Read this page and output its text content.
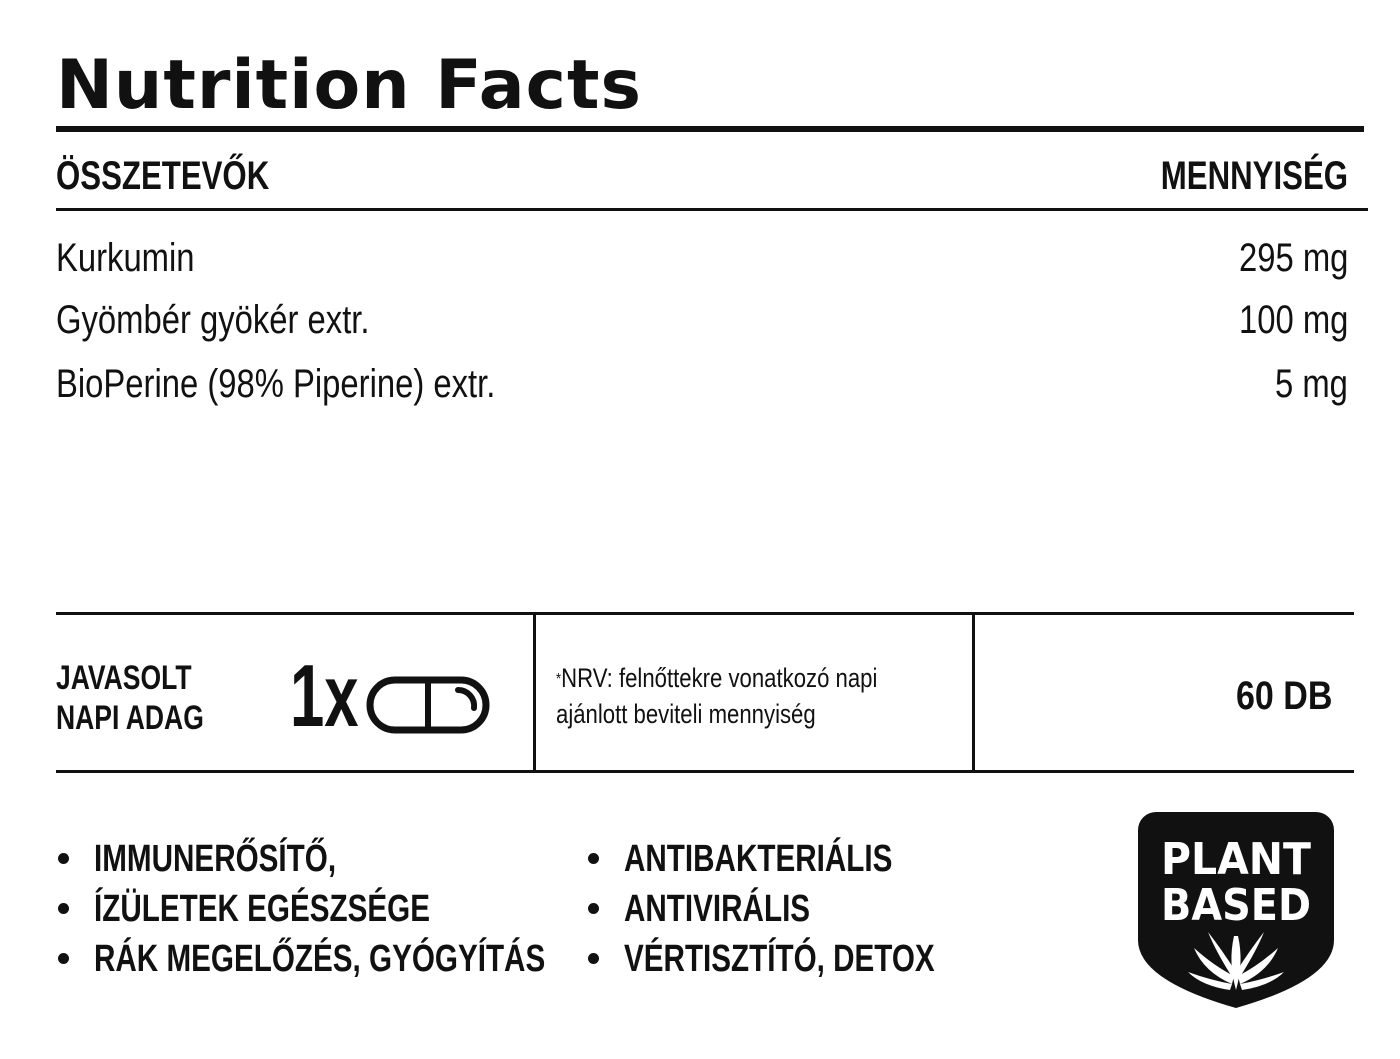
Nutrition Facts
ÖSSZETEVŐK	MENNYISÉG
Kurkumin	295 mg
Gyömbér gyökér extr.	100 mg
BioPerine (98% Piperine) extr.	5 mg
JAVASOLT
NAPI ADAG 1x	*NRV: felnőttekre vonatkozó napi
ajánlott beviteli mennyiség	60 DB
IMMUNERŐSÍTŐ,
ÍZÜLETEK EGÉSZSÉGE
RÁK MEGELŐZÉS, GYÓGYÍTÁS
ANTIBAKTERIÁLIS
ANTIVIRÁLIS
VÉRTISZTÍTÓ, DETOX
PLANT
BASED
